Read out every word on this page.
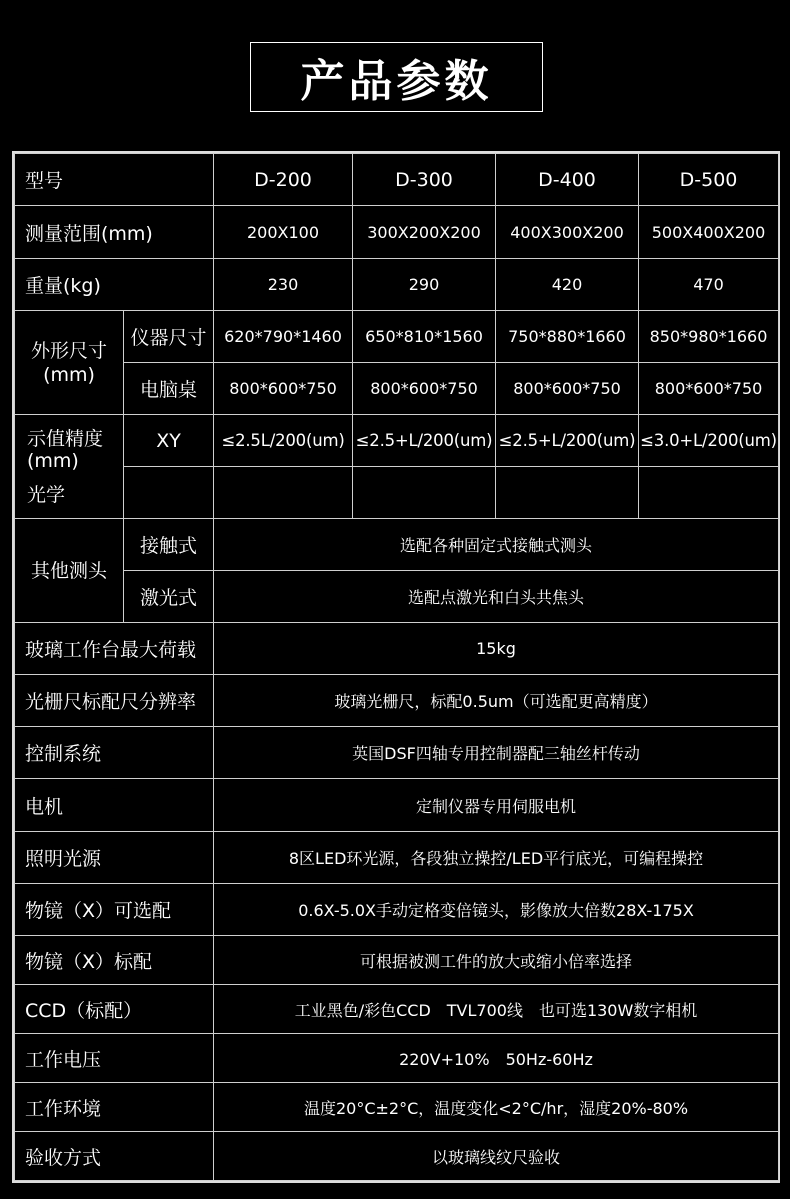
产品参数
型号		D-200	D-300	D-400	D-500
测量范围(mm)		200X100	300X200X200	400X300X200	500X400X200
重量(kg)		230	290	420	470

外形尺寸
(mm)	仪器尺寸	620*790*1460	650*810*1560	750*880*1660	850*980*1660
	电脑桌	800*600*750	800*600*750	800*600*750	800*600*750

示值精度
(mm)
光学	XY	≤2.5L/200(um)	≤2.5+L/200(um)	≤2.5+L/200(um)	≤3.0+L/200(um)

其他测头	接触式	选配各种固定式接触式测头			
	激光式	选配点激光和白头共焦头			
玻璃工作台最大荷载		15kg			
光栅尺标配尺分辨率		玻璃光栅尺，标配0.5um（可选配更高精度）			
控制系统		英国DSF四轴专用控制器配三轴丝杆传动			
电机		定制仪器专用伺服电机			
照明光源		8区LED环光源，各段独立操控/LED平行底光，可编程操控			
物镜（X）可选配		0.6X-5.0X手动定格变倍镜头，影像放大倍数28X-175X			
物镜（X）标配		可根据被测工件的放大或缩小倍率选择			
CCD（标配）		工业黑色/彩色CCD　TVL700线　也可选130W数字相机			
工作电压		220V+10%　50Hz-60Hz			
工作环境		温度20°C±2°C，温度变化<2°C/hr，湿度20%-80%			
验收方式		以玻璃线纹尺验收			
